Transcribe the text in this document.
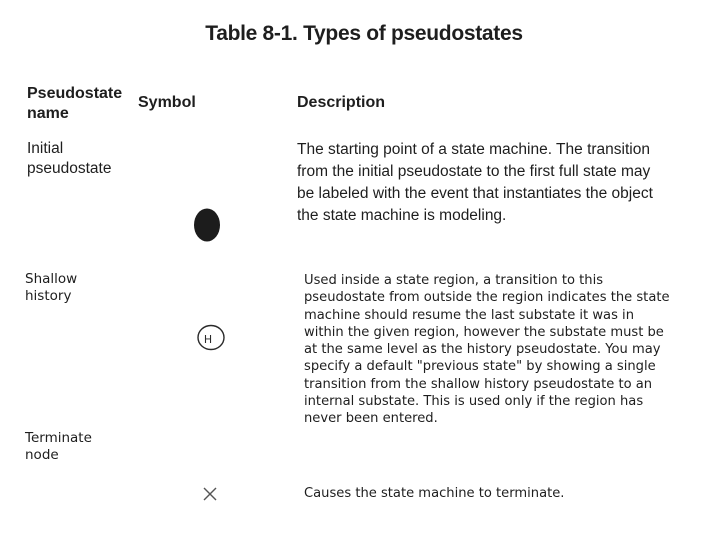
Table 8-1. Types of pseudostates
Pseudostate
name
Symbol	Description
Initial
pseudostate
The starting point of a state machine. The transition
from the initial pseudostate to the first full state may
be labeled with the event that instantiates the object
the state machine is modeling.
Shallow
history
H
Used inside a state region, a transition to this
pseudostate from outside the region indicates the state
machine should resume the last substate it was in
within the given region, however the substate must be
at the same level as the history pseudostate. You may
specify a default "previous state" by showing a single
transition from the shallow history pseudostate to an
internal substate. This is used only if the region has
never been entered.
Terminate
node
Causes the state machine to terminate.
